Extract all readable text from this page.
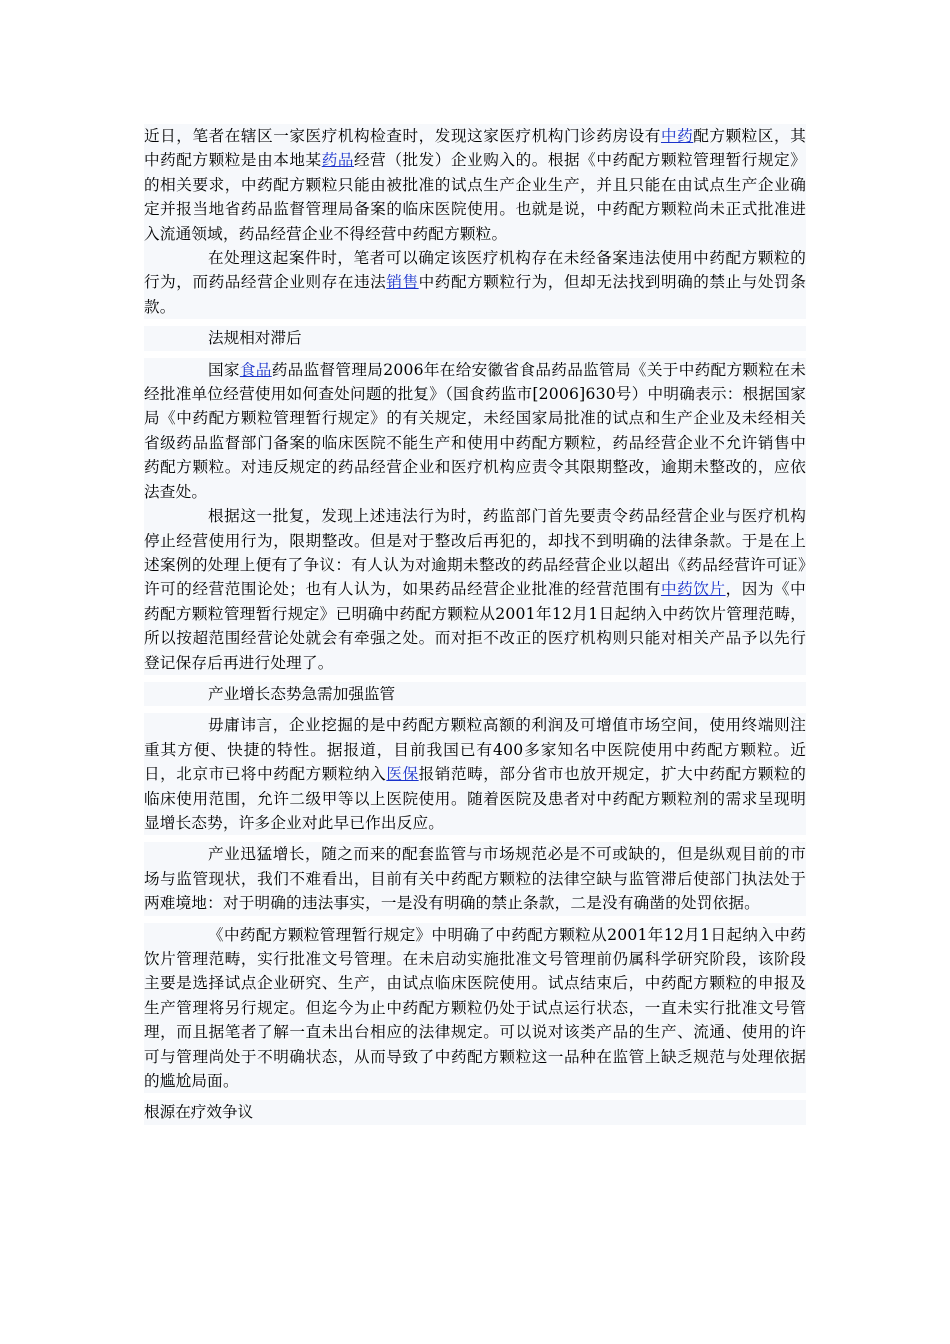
近日，笔者在辖区一家医疗机构检查时，发现这家医疗机构门诊药房设有中药配方颗粒区，其中药配方颗粒是由本地某药品经营（批发）企业购入的。根据《中药配方颗粒管理暂行规定》的相关要求，中药配方颗粒只能由被批准的试点生产企业生产，并且只能在由试点生产企业确定并报当地省药品监督管理局备案的临床医院使用。也就是说，中药配方颗粒尚未正式批准进入流通领域，药品经营企业不得经营中药配方颗粒。

在处理这起案件时，笔者可以确定该医疗机构存在未经备案违法使用中药配方颗粒的行为，而药品经营企业则存在违法销售中药配方颗粒行为，但却无法找到明确的禁止与处罚条款。

法规相对滞后

国家食品药品监督管理局2006年在给安徽省食品药品监管局《关于中药配方颗粒在未经批准单位经营使用如何查处问题的批复》（国食药监市[2006]630号）中明确表示：根据国家局《中药配方颗粒管理暂行规定》的有关规定，未经国家局批准的试点和生产企业及未经相关省级药品监督部门备案的临床医院不能生产和使用中药配方颗粒，药品经营企业不允许销售中药配方颗粒。对违反规定的药品经营企业和医疗机构应责令其限期整改，逾期未整改的，应依法查处。

根据这一批复，发现上述违法行为时，药监部门首先要责令药品经营企业与医疗机构停止经营使用行为，限期整改。但是对于整改后再犯的，却找不到明确的法律条款。于是在上述案例的处理上便有了争议：有人认为对逾期未整改的药品经营企业以超出《药品经营许可证》许可的经营范围论处；也有人认为，如果药品经营企业批准的经营范围有中药饮片，因为《中药配方颗粒管理暂行规定》已明确中药配方颗粒从2001年12月1日起纳入中药饮片管理范畴，所以按超范围经营论处就会有牵强之处。而对拒不改正的医疗机构则只能对相关产品予以先行登记保存后再进行处理了。

产业增长态势急需加强监管

毋庸讳言，企业挖掘的是中药配方颗粒高额的利润及可增值市场空间，使用终端则注重其方便、快捷的特性。据报道，目前我国已有400多家知名中医院使用中药配方颗粒。近日，北京市已将中药配方颗粒纳入医保报销范畴，部分省市也放开规定，扩大中药配方颗粒的临床使用范围，允许二级甲等以上医院使用。随着医院及患者对中药配方颗粒剂的需求呈现明显增长态势，许多企业对此早已作出反应。

产业迅猛增长，随之而来的配套监管与市场规范必是不可或缺的，但是纵观目前的市场与监管现状，我们不难看出，目前有关中药配方颗粒的法律空缺与监管滞后使部门执法处于两难境地：对于明确的违法事实，一是没有明确的禁止条款，二是没有确凿的处罚依据。

《中药配方颗粒管理暂行规定》中明确了中药配方颗粒从2001年12月1日起纳入中药饮片管理范畴，实行批准文号管理。在未启动实施批准文号管理前仍属科学研究阶段，该阶段主要是选择试点企业研究、生产，由试点临床医院使用。试点结束后，中药配方颗粒的申报及生产管理将另行规定。但迄今为止中药配方颗粒仍处于试点运行状态，一直未实行批准文号管理，而且据笔者了解一直未出台相应的法律规定。可以说对该类产品的生产、流通、使用的许可与管理尚处于不明确状态，从而导致了中药配方颗粒这一品种在监管上缺乏规范与处理依据的尴尬局面。

根源在疗效争议
